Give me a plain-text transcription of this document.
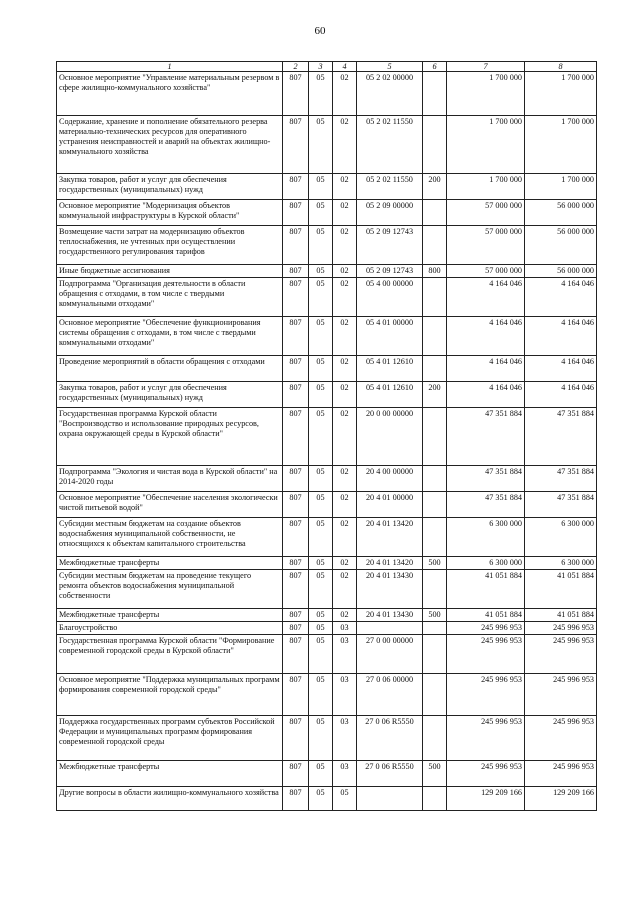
60
1	2	3	4	5	6	7	8
Основное мероприятие "Управление материальным резервом в сфере жилищно-коммунального хозяйства"	807	05	02	05 2 02 00000		1 700 000	1 700 000
Содержание, хранение и пополнение обязательного резерва материально-технических ресурсов для оперативного устранения неисправностей и аварий на объектах жилищно-коммунального хозяйства	807	05	02	05 2 02 11550		1 700 000	1 700 000
Закупка товаров, работ и услуг для обеспечения государственных (муниципальных) нужд	807	05	02	05 2 02 11550	200	1 700 000	1 700 000
Основное мероприятие "Модернизация объектов коммунальной инфраструктуры в Курской области"	807	05	02	05 2 09 00000		57 000 000	56 000 000
Возмещение части затрат на модернизацию объектов теплоснабжения, не учтенных при осуществлении государственного регулирования тарифов	807	05	02	05 2 09 12743		57 000 000	56 000 000
Иные бюджетные ассигнования	807	05	02	05 2 09 12743	800	57 000 000	56 000 000
Подпрограмма "Организация деятельности в области обращения с отходами, в том числе с твердыми коммунальными отходами"	807	05	02	05 4 00 00000		4 164 046	4 164 046
Основное мероприятие "Обеспечение функционирования системы обращения с отходами, в том числе с твердыми коммунальными отходами"	807	05	02	05 4 01 00000		4 164 046	4 164 046
Проведение мероприятий в области обращения с отходами	807	05	02	05 4 01 12610		4 164 046	4 164 046
Закупка товаров, работ и услуг для обеспечения государственных (муниципальных) нужд	807	05	02	05 4 01 12610	200	4 164 046	4 164 046
Государственная программа Курской области "Воспроизводство и использование природных ресурсов, охрана окружающей среды в Курской области"	807	05	02	20 0 00 00000		47 351 884	47 351 884
Подпрограмма "Экология и чистая вода в Курской области" на 2014-2020 годы	807	05	02	20 4 00 00000		47 351 884	47 351 884
Основное мероприятие "Обеспечение населения экологически чистой питьевой водой"	807	05	02	20 4 01 00000		47 351 884	47 351 884
Субсидии местным бюджетам на создание объектов водоснабжения муниципальной собственности, не относящихся к объектам капитального строительства	807	05	02	20 4 01 13420		6 300 000	6 300 000
Межбюджетные трансферты	807	05	02	20 4 01 13420	500	6 300 000	6 300 000
Субсидии местным бюджетам на проведение текущего ремонта объектов водоснабжения муниципальной собственности	807	05	02	20 4 01 13430		41 051 884	41 051 884
Межбюджетные трансферты	807	05	02	20 4 01 13430	500	41 051 884	41 051 884
Благоустройство	807	05	03			245 996 953	245 996 953
Государственная программа Курской области "Формирование современной городской среды в Курской области"	807	05	03	27 0 00 00000		245 996 953	245 996 953
Основное мероприятие "Поддержка муниципальных программ формирования современной городской среды"	807	05	03	27 0 06 00000		245 996 953	245 996 953
Поддержка государственных программ субъектов Российской Федерации и муниципальных программ формирования современной городской среды	807	05	03	27 0 06 R5550		245 996 953	245 996 953
Межбюджетные трансферты	807	05	03	27 0 06 R5550	500	245 996 953	245 996 953
Другие вопросы в области жилищно-коммунального хозяйства	807	05	05			129 209 166	129 209 166
